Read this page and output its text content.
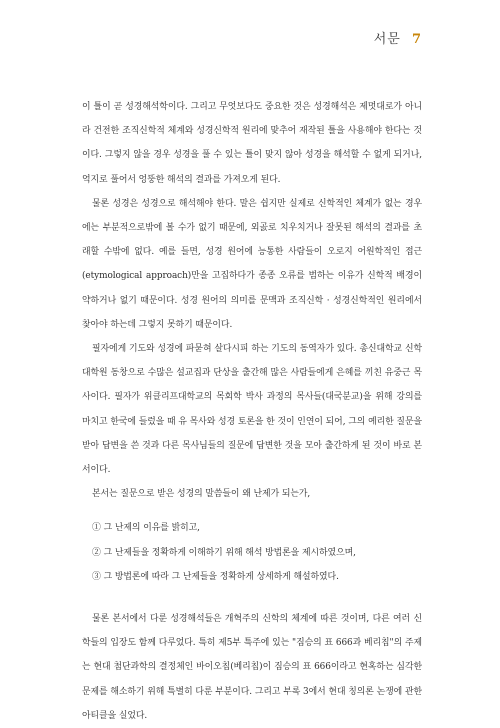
서문 7

이 틀이 곧 성경해석학이다. 그리고 무엇보다도 중요한 것은 성경해석은 제멋대로가 아니라 건전한 조직신학적 체계와 성경신학적 원리에 맞추어 재작된 틀을 사용해야 한다는 것이다. 그렇지 않을 경우 성경을 풀 수 있는 틀이 맞지 않아 성경을 해석할 수 없게 되거나, 억지로 풀어서 엉뚱한 해석의 결과를 가져오게 된다.

물론 성경은 성경으로 해석해야 한다. 말은 쉽지만 실제로 신학적인 체계가 없는 경우에는 부분적으로밖에 볼 수가 없기 때문에, 외곬로 치우치거나 잘못된 해석의 결과를 초래할 수밖에 없다. 예를 들면, 성경 원어에 능통한 사람들이 오로지 어원학적인 접근(etymological approach)만을 고집하다가 종종 오류를 범하는 이유가 신학적 배경이 약하거나 없기 때문이다. 성경 원어의 의미를 문맥과 조직신학 · 성경신학적인 원리에서 찾아야 하는데 그렇지 못하기 때문이다.

필자에게 기도와 성경에 파묻혀 살다시피 하는 기도의 동역자가 있다. 총신대학교 신학대학원 동창으로 수많은 설교집과 단상을 출간해 많은 사람들에게 은혜를 끼친 유중근 목사이다. 필자가 위클리프대학교의 목회학 박사 과정의 목사들(대국분교)을 위해 강의를 마치고 한국에 들렀을 때 유 목사와 성경 토론을 한 것이 인연이 되어, 그의 예리한 질문을 받아 답변을 쓴 것과 다른 목사님들의 질문에 답변한 것을 모아 출간하게 된 것이 바로 본서이다.

본서는 질문으로 받은 성경의 말씀들이 왜 난제가 되는가,

① 그 난제의 이유를 밝히고,
② 그 난제들을 정확하게 이해하기 위해 해석 방법론을 제시하였으며,
③ 그 방법론에 따라 그 난제들을 정확하게 상세하게 해설하였다.

물론 본서에서 다룬 성경해석들은 개혁주의 신학의 체계에 따른 것이며, 다른 여러 신학들의 입장도 함께 다루었다. 특히 제5부 특주에 있는 "짐승의 표 666과 베리칩"의 주제는 현대 첨단과학의 결정체인 바이오칩(베리칩)이 짐승의 표 666이라고 현혹하는 심각한 문제를 해소하기 위해 특별히 다룬 부분이다. 그리고 부록 3에서 현대 칭의론 논쟁에 관한 아티클을 실었다.
